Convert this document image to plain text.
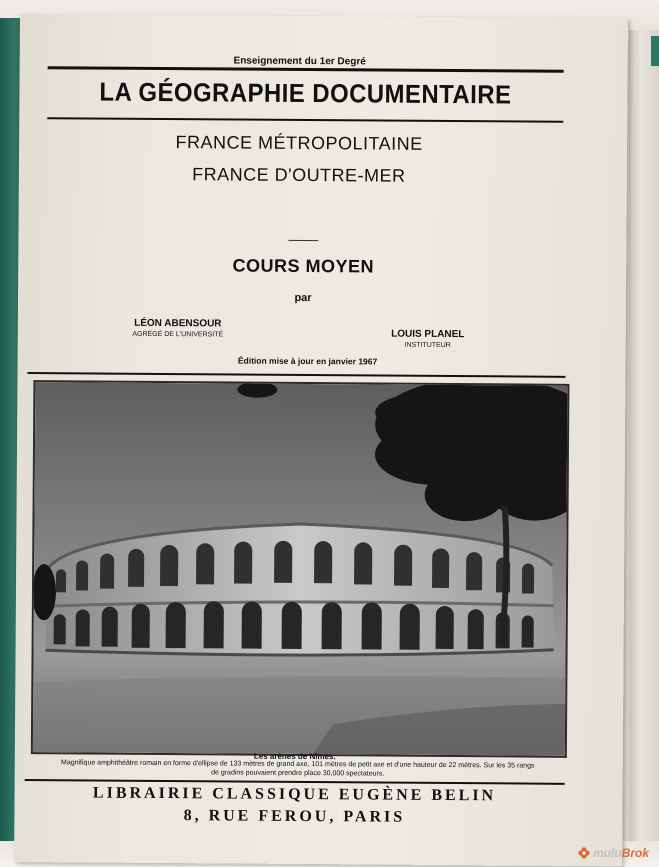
Enseignement du 1er Degré
LA GÉOGRAPHIE DOCUMENTAIRE
FRANCE MÉTROPOLITAINE
FRANCE D'OUTRE-MER
COURS MOYEN
par
LÉON ABENSOUR
AGRÉGÉ DE L'UNIVERSITÉ	LOUIS PLANEL
INSTITUTEUR
Édition mise à jour en janvier 1967
Les arènes de Nîmes.
Magnifique amphithéâtre romain en forme d'ellipse de 133 mètres de grand axe, 101 mètres de petit axe et d'une hauteur de 22 mètres. Sur les 35 rangs
de gradins pouvaient prendre place 30,000 spectateurs.
LIBRAIRIE CLASSIQUE EUGÈNE BELIN
8, RUE FEROU, PARIS
muluBrok
